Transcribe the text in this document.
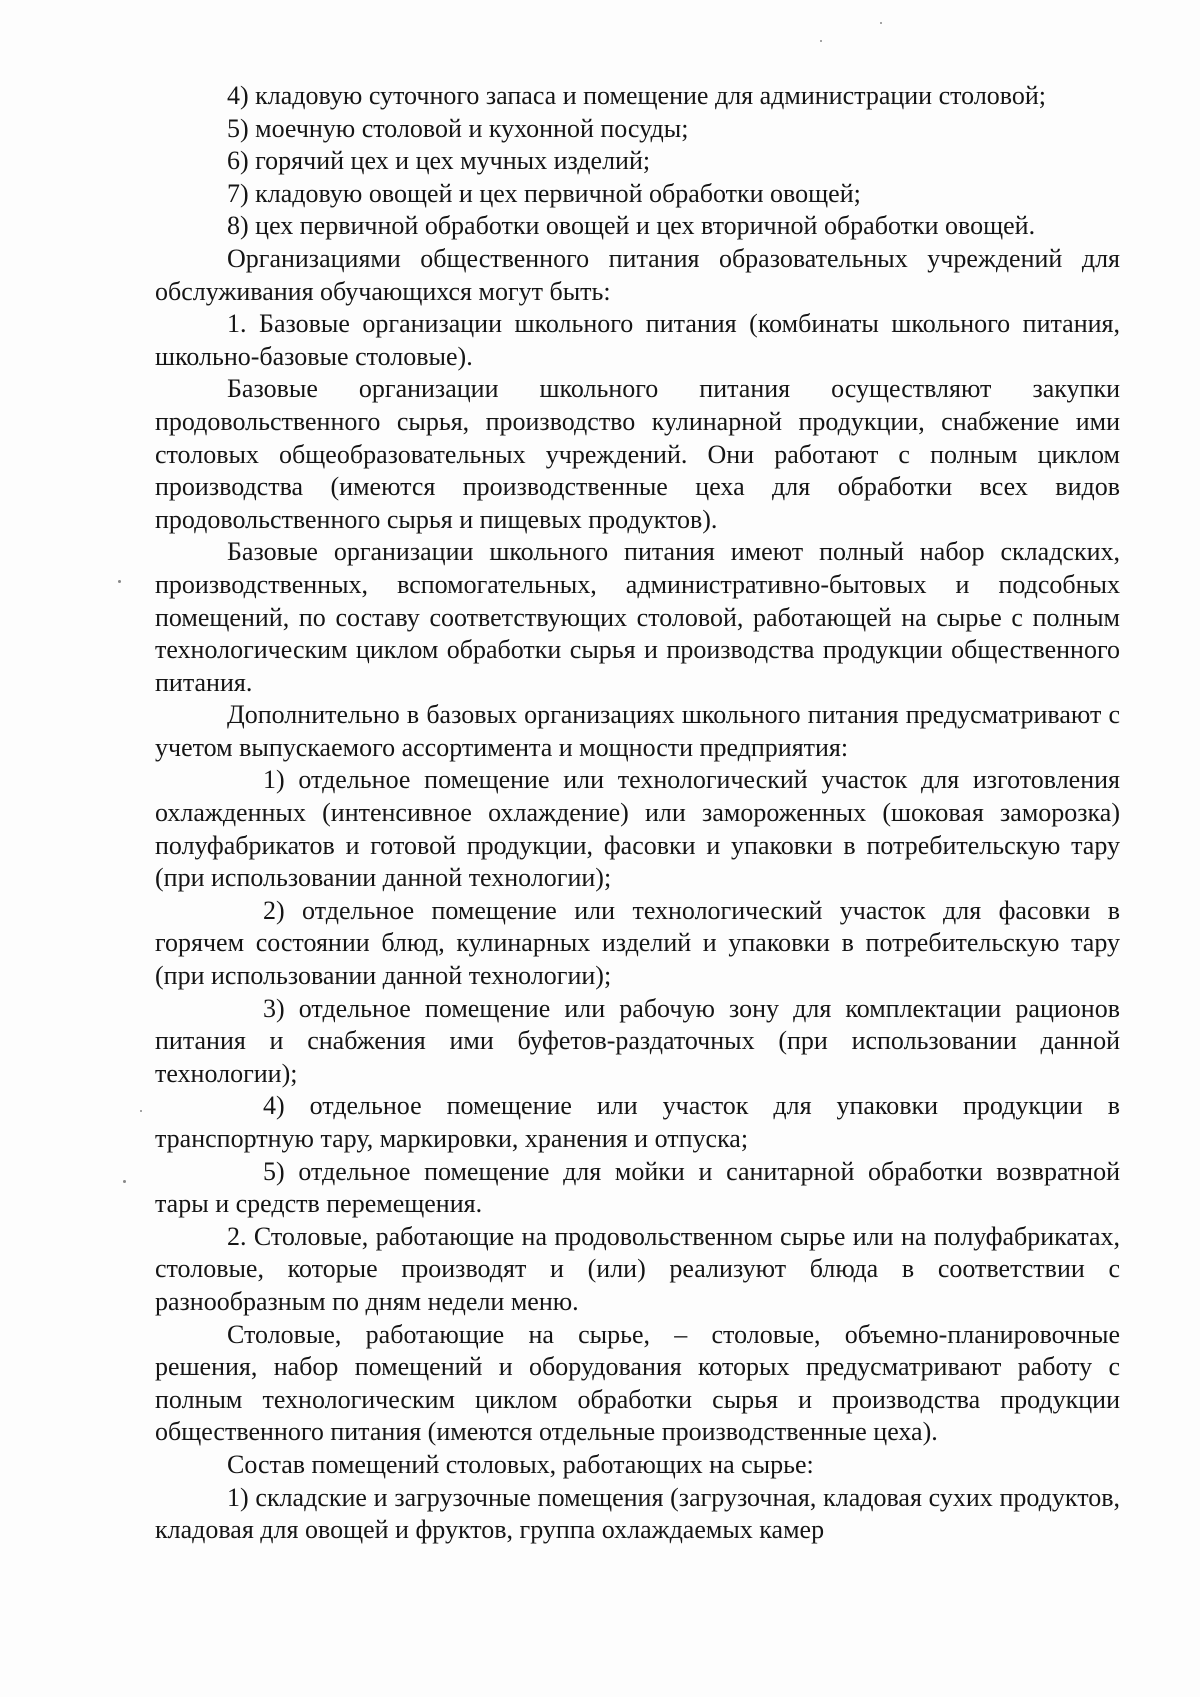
4) кладовую суточного запаса и помещение для администрации столовой;

5) моечную столовой и кухонной посуды;

6) горячий цех и цех мучных изделий;

7) кладовую овощей и цех первичной обработки овощей;

8) цех первичной обработки овощей и цех вторичной обработки овощей.

Организациями общественного питания образовательных учреждений для обслуживания обучающихся могут быть:

1. Базовые организации школьного питания (комбинаты школьного питания, школьно-базовые столовые).

Базовые организации школьного питания осуществляют закупки продовольственного сырья, производство кулинарной продукции, снабжение ими столовых общеобразовательных учреждений. Они работают с полным циклом производства (имеются производственные цеха для обработки всех видов продовольственного сырья и пищевых продуктов).

Базовые организации школьного питания имеют полный набор складских, производственных, вспомогательных, административно-бытовых и подсобных помещений, по составу соответствующих столовой, работающей на сырье с полным технологическим циклом обработки сырья и производства продукции общественного питания.

Дополнительно в базовых организациях школьного питания предусматривают с учетом выпускаемого ассортимента и мощности предприятия:

1) отдельное помещение или технологический участок для изготовления охлажденных (интенсивное охлаждение) или замороженных (шоковая заморозка) полуфабрикатов и готовой продукции, фасовки и упаковки в потребительскую тару (при использовании данной технологии);

2) отдельное помещение или технологический участок для фасовки в горячем состоянии блюд, кулинарных изделий и упаковки в потребительскую тару (при использовании данной технологии);

3) отдельное помещение или рабочую зону для комплектации рационов питания и снабжения ими буфетов-раздаточных (при использовании данной технологии);

4) отдельное помещение или участок для упаковки продукции в транспортную тару, маркировки, хранения и отпуска;

5) отдельное помещение для мойки и санитарной обработки возвратной тары и средств перемещения.

2. Столовые, работающие на продовольственном сырье или на полуфабрикатах, столовые, которые производят и (или) реализуют блюда в соответствии с разнообразным по дням недели меню.

Столовые, работающие на сырье, – столовые, объемно-планировочные решения, набор помещений и оборудования которых предусматривают работу с полным технологическим циклом обработки сырья и производства продукции общественного питания (имеются отдельные производственные цеха).

Состав помещений столовых, работающих на сырье:

1) складские и загрузочные помещения (загрузочная, кладовая сухих продуктов, кладовая для овощей и фруктов, группа охлаждаемых камер
